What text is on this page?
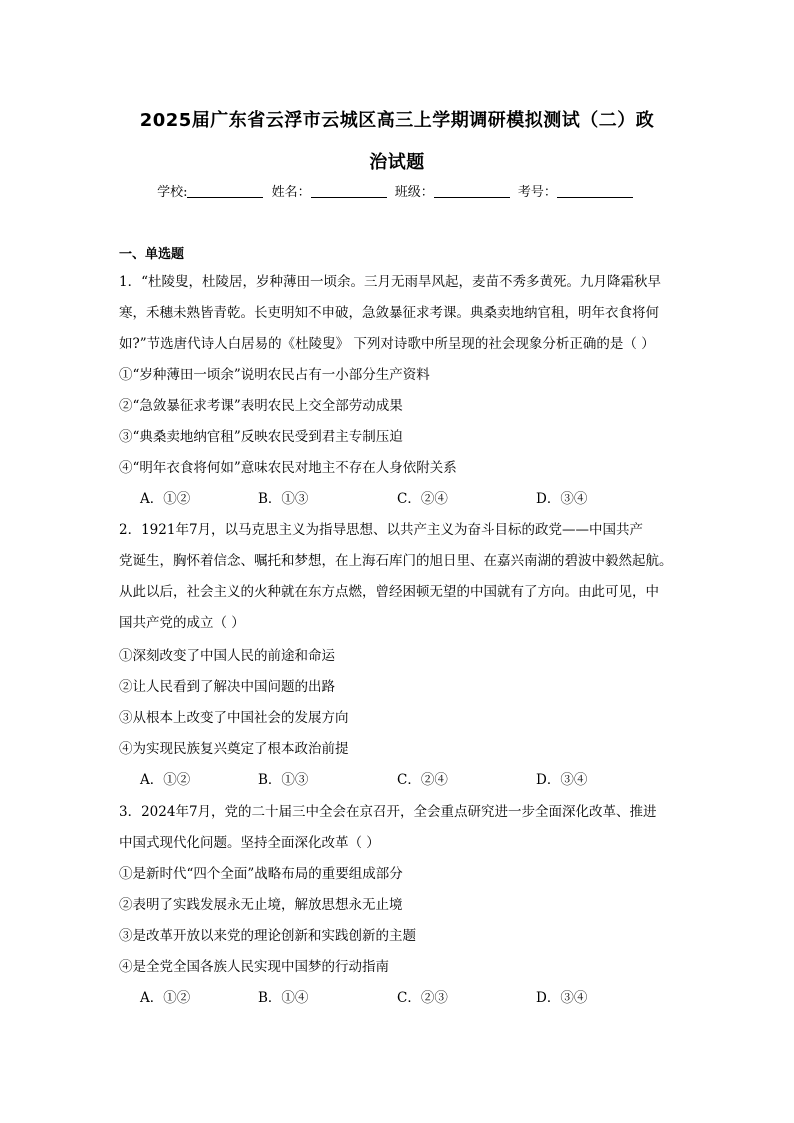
2025届广东省云浮市云城区高三上学期调研模拟测试（二）政
治试题
学校:	姓名：	班级：	考号：
一、单选题
1．“杜陵叟，杜陵居，岁种薄田一顷余。三月无雨旱风起，麦苗不秀多黄死。九月降霜秋早
寒，禾穗未熟皆青乾。长吏明知不申破，急敛暴征求考课。典桑卖地纳官租，明年衣食将何
如?”节选唐代诗人白居易的《杜陵叟》 下列对诗歌中所呈现的社会现象分析正确的是（ ）
①“岁种薄田一顷余”说明农民占有一小部分生产资料
②“急敛暴征求考课”表明农民上交全部劳动成果
③“典桑卖地纳官租”反映农民受到君主专制压迫
④“明年衣食将何如”意味农民对地主不存在人身依附关系
A．①②	B．①③	C．②④	D．③④
2．1921年7月，以马克思主义为指导思想、以共产主义为奋斗目标的政党——中国共产
党诞生，胸怀着信念、嘱托和梦想，在上海石库门的旭日里、在嘉兴南湖的碧波中毅然起航。
从此以后，社会主义的火种就在东方点燃，曾经困顿无望的中国就有了方向。由此可见，中
国共产党的成立（ ）
①深刻改变了中国人民的前途和命运
②让人民看到了解决中国问题的出路
③从根本上改变了中国社会的发展方向
④为实现民族复兴奠定了根本政治前提
A．①②	B．①③	C．②④	D．③④
3．2024年7月，党的二十届三中全会在京召开，全会重点研究进一步全面深化改革、推进
中国式现代化问题。坚持全面深化改革（ ）
①是新时代“四个全面”战略布局的重要组成部分
②表明了实践发展永无止境，解放思想永无止境
③是改革开放以来党的理论创新和实践创新的主题
④是全党全国各族人民实现中国梦的行动指南
A．①②	B．①④	C．②③	D．③④
